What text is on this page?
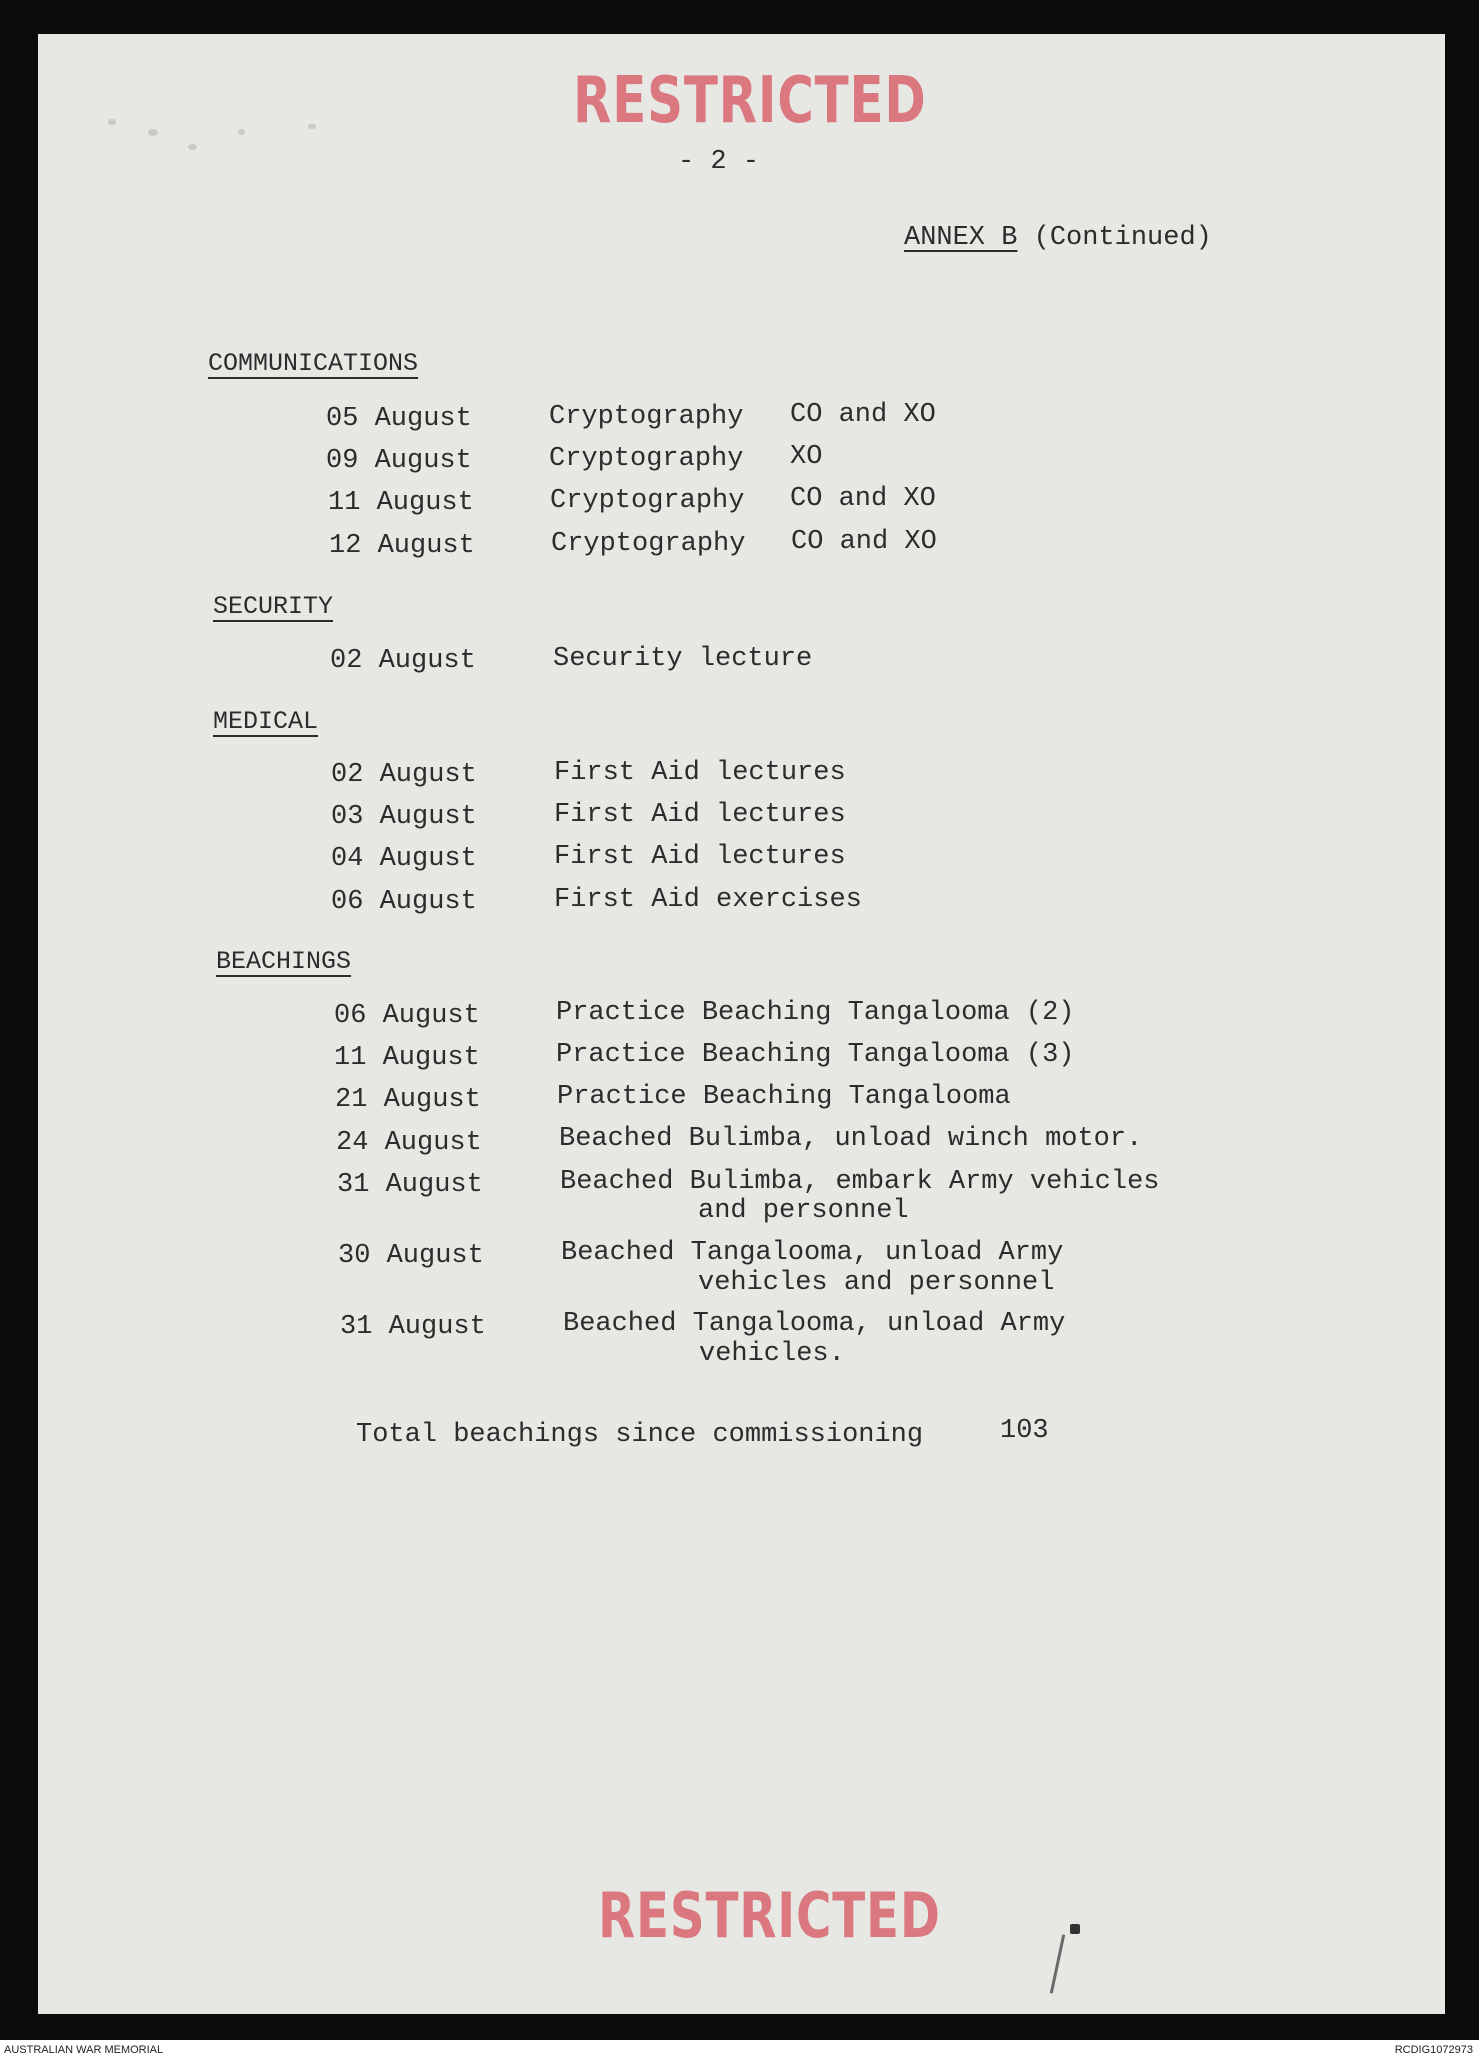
RESTRICTED
- 2 -
ANNEX B (Continued)
COMMUNICATIONS
05 August	Cryptography CO and XO
09 August	Cryptography XO
11 August	Cryptography CO and XO
12 August	Cryptography CO and XO
SECURITY
02 August	Security lecture
MEDICAL
02 August	First Aid lectures
03 August	First Aid lectures
04 August	First Aid lectures
06 August	First Aid exercises
BEACHINGS
06 August	Practice Beaching Tangalooma (2)
11 August	Practice Beaching Tangalooma (3)
21 August	Practice Beaching Tangalooma
24 August	Beached Bulimba, unload winch motor.
31 August	Beached Bulimba, embark Army vehicles
and personnel
30 August	Beached Tangalooma, unload Army
vehicles and personnel
31 August	Beached Tangalooma, unload Army
vehicles.
Total beachings since commissioning	103
RESTRICTED
AUSTRALIAN WAR MEMORIAL	RCDIG1072973
